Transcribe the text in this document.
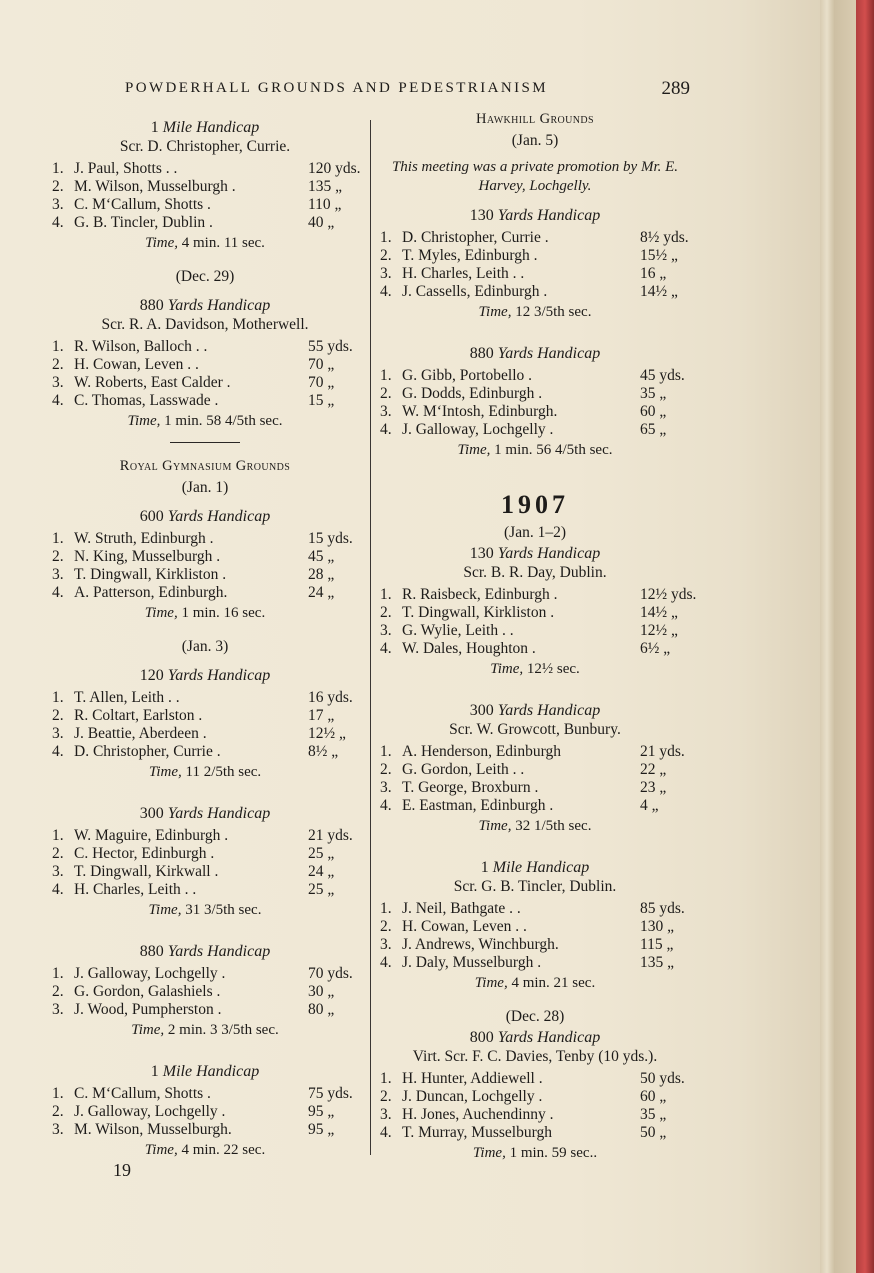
POWDERHALL GROUNDS AND PEDESTRIANISM	289
1 Mile Handicap
Scr. D. Christopher, Currie.
1. J. Paul, Shotts . .	120 yds.
2. M. Wilson, Musselburgh .	135 „
3. C. M‘Callum, Shotts .	110 „
4. G. B. Tincler, Dublin .	40 „
Time, 4 min. 11 sec.
(Dec. 29)
880 Yards Handicap
Scr. R. A. Davidson, Motherwell.
1. R. Wilson, Balloch . .	55 yds.
2. H. Cowan, Leven . .	70 „
3. W. Roberts, East Calder .	70 „
4. C. Thomas, Lasswade .	15 „
Time, 1 min. 58 4/5th sec.
Royal Gymnasium Grounds
(Jan. 1)
600 Yards Handicap
1. W. Struth, Edinburgh .	15 yds.
2. N. King, Musselburgh .	45 „
3. T. Dingwall, Kirkliston .	28 „
4. A. Patterson, Edinburgh.	24 „
Time, 1 min. 16 sec.
(Jan. 3)
120 Yards Handicap
1. T. Allen, Leith . .	16 yds.
2. R. Coltart, Earlston .	17 „
3. J. Beattie, Aberdeen .	12½ „
4. D. Christopher, Currie .	8½ „
Time, 11 2/5th sec.
300 Yards Handicap
1. W. Maguire, Edinburgh .	21 yds.
2. C. Hector, Edinburgh .	25 „
3. T. Dingwall, Kirkwall .	24 „
4. H. Charles, Leith . .	25 „
Time, 31 3/5th sec.
880 Yards Handicap
1. J. Galloway, Lochgelly .	70 yds.
2. G. Gordon, Galashiels .	30 „
3. J. Wood, Pumpherston .	80 „
Time, 2 min. 3 3/5th sec.
1 Mile Handicap
1. C. M‘Callum, Shotts .	75 yds.
2. J. Galloway, Lochgelly .	95 „
3. M. Wilson, Musselburgh.	95 „
Time, 4 min. 22 sec.
Hawkhill Grounds
(Jan. 5)
This meeting was a private promotion by Mr. E. Harvey, Lochgelly.
130 Yards Handicap
1. D. Christopher, Currie .	8½ yds.
2. T. Myles, Edinburgh .	15½ „
3. H. Charles, Leith . .	16 „
4. J. Cassells, Edinburgh .	14½ „
Time, 12 3/5th sec.
880 Yards Handicap
1. G. Gibb, Portobello .	45 yds.
2. G. Dodds, Edinburgh .	35 „
3. W. M‘Intosh, Edinburgh.	60 „
4. J. Galloway, Lochgelly .	65 „
Time, 1 min. 56 4/5th sec.
1907
(Jan. 1–2)
130 Yards Handicap
Scr. B. R. Day, Dublin.
1. R. Raisbeck, Edinburgh .	12½ yds.
2. T. Dingwall, Kirkliston .	14½ „
3. G. Wylie, Leith . .	12½ „
4. W. Dales, Houghton .	6½ „
Time, 12½ sec.
300 Yards Handicap
Scr. W. Growcott, Bunbury.
1. A. Henderson, Edinburgh	21 yds.
2. G. Gordon, Leith . .	22 „
3. T. George, Broxburn .	23 „
4. E. Eastman, Edinburgh .	4 „
Time, 32 1/5th sec.
1 Mile Handicap
Scr. G. B. Tincler, Dublin.
1. J. Neil, Bathgate . .	85 yds.
2. H. Cowan, Leven . .	130 „
3. J. Andrews, Winchburgh.	115 „
4. J. Daly, Musselburgh .	135 „
Time, 4 min. 21 sec.
(Dec. 28)
800 Yards Handicap
Virt. Scr. F. C. Davies, Tenby (10 yds.).
1. H. Hunter, Addiewell .	50 yds.
2. J. Duncan, Lochgelly .	60 „
3. H. Jones, Auchendinny .	35 „
4. T. Murray, Musselburgh	50 „
Time, 1 min. 59 sec..
19
